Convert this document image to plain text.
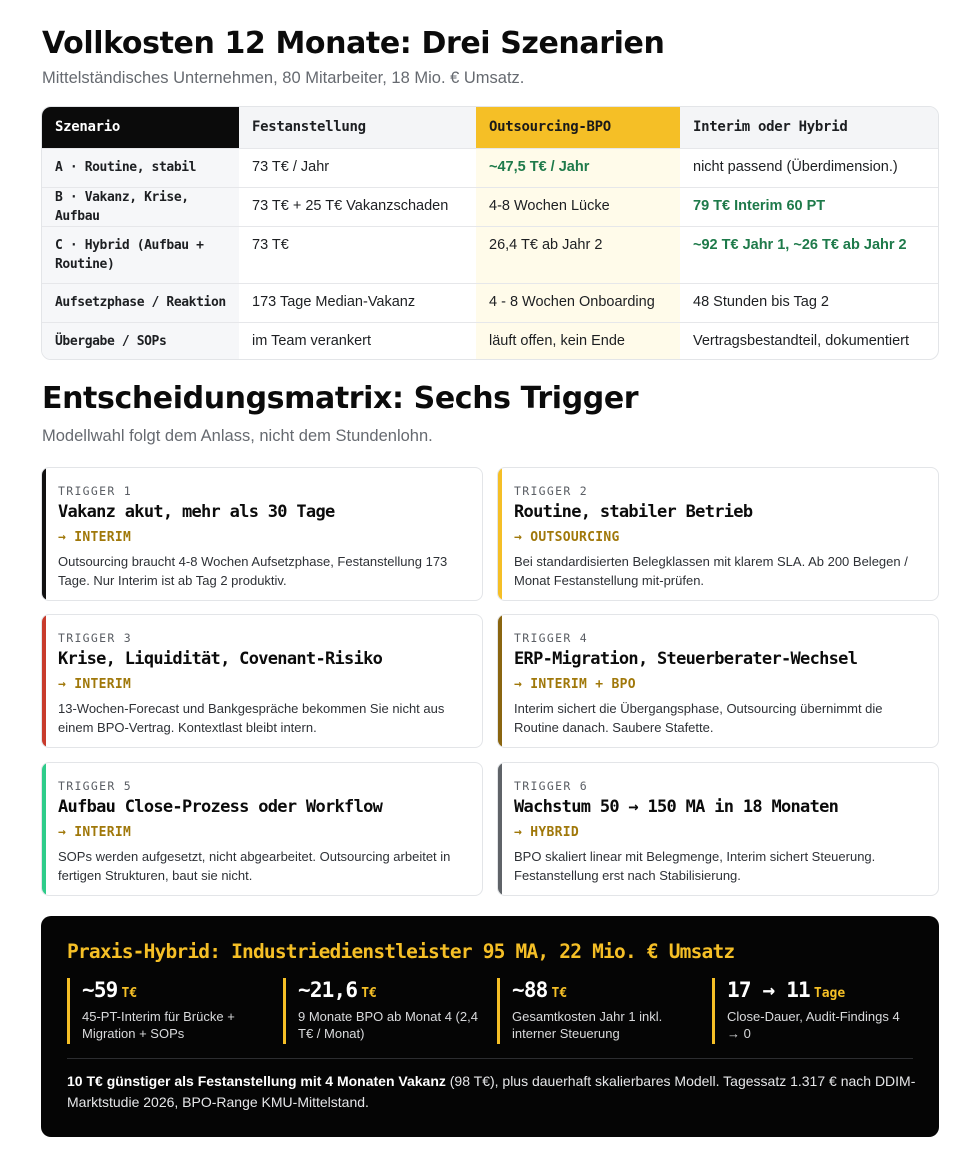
Vollkosten 12 Monate: Drei Szenarien
Mittelständisches Unternehmen, 80 Mitarbeiter, 18 Mio. € Umsatz.
Szenario	Festanstellung	Outsourcing-BPO	Interim oder Hybrid
A · Routine, stabil	73 T€ / Jahr	~47,5 T€ / Jahr	nicht passend (Überdimension.)
B · Vakanz, Krise, Aufbau	73 T€ + 25 T€ Vakanzschaden	4-8 Wochen Lücke	79 T€ Interim 60 PT
C · Hybrid (Aufbau + Routine)	73 T€	26,4 T€ ab Jahr 2	~92 T€ Jahr 1, ~26 T€ ab Jahr 2
Aufsetzphase / Reaktion	173 Tage Median-Vakanz	4 - 8 Wochen Onboarding	48 Stunden bis Tag 2
Übergabe / SOPs	im Team verankert	läuft offen, kein Ende	Vertragsbestandteil, dokumentiert
Entscheidungsmatrix: Sechs Trigger
Modellwahl folgt dem Anlass, nicht dem Stundenlohn.
TRIGGER 1
Vakanz akut, mehr als 30 Tage
→ INTERIM
Outsourcing braucht 4-8 Wochen Aufsetzphase, Festanstellung 173 Tage. Nur Interim ist ab Tag 2 produktiv.
TRIGGER 2
Routine, stabiler Betrieb
→ OUTSOURCING
Bei standardisierten Belegklassen mit klarem SLA. Ab 200 Belegen / Monat Festanstellung mit-prüfen.
TRIGGER 3
Krise, Liquidität, Covenant-Risiko
→ INTERIM
13-Wochen-Forecast und Bankgespräche bekommen Sie nicht aus einem BPO-Vertrag. Kontextlast bleibt intern.
TRIGGER 4
ERP-Migration, Steuerberater-Wechsel
→ INTERIM + BPO
Interim sichert die Übergangsphase, Outsourcing übernimmt die Routine danach. Saubere Stafette.
TRIGGER 5
Aufbau Close-Prozess oder Workflow
→ INTERIM
SOPs werden aufgesetzt, nicht abgearbeitet. Outsourcing arbeitet in fertigen Strukturen, baut sie nicht.
TRIGGER 6
Wachstum 50 → 150 MA in 18 Monaten
→ HYBRID
BPO skaliert linear mit Belegmenge, Interim sichert Steuerung. Festanstellung erst nach Stabilisierung.
Praxis-Hybrid: Industriedienstleister 95 MA, 22 Mio. € Umsatz
~59 T€
45-PT-Interim für Brücke + Migration + SOPs
~21,6 T€
9 Monate BPO ab Monat 4 (2,4 T€ / Monat)
~88 T€
Gesamtkosten Jahr 1 inkl. interner Steuerung
17 → 11 Tage
Close-Dauer, Audit-Findings 4 → 0
10 T€ günstiger als Festanstellung mit 4 Monaten Vakanz (98 T€), plus dauerhaft skalierbares Modell. Tagessatz 1.317 € nach DDIM-Marktstudie 2026, BPO-Range KMU-Mittelstand.
